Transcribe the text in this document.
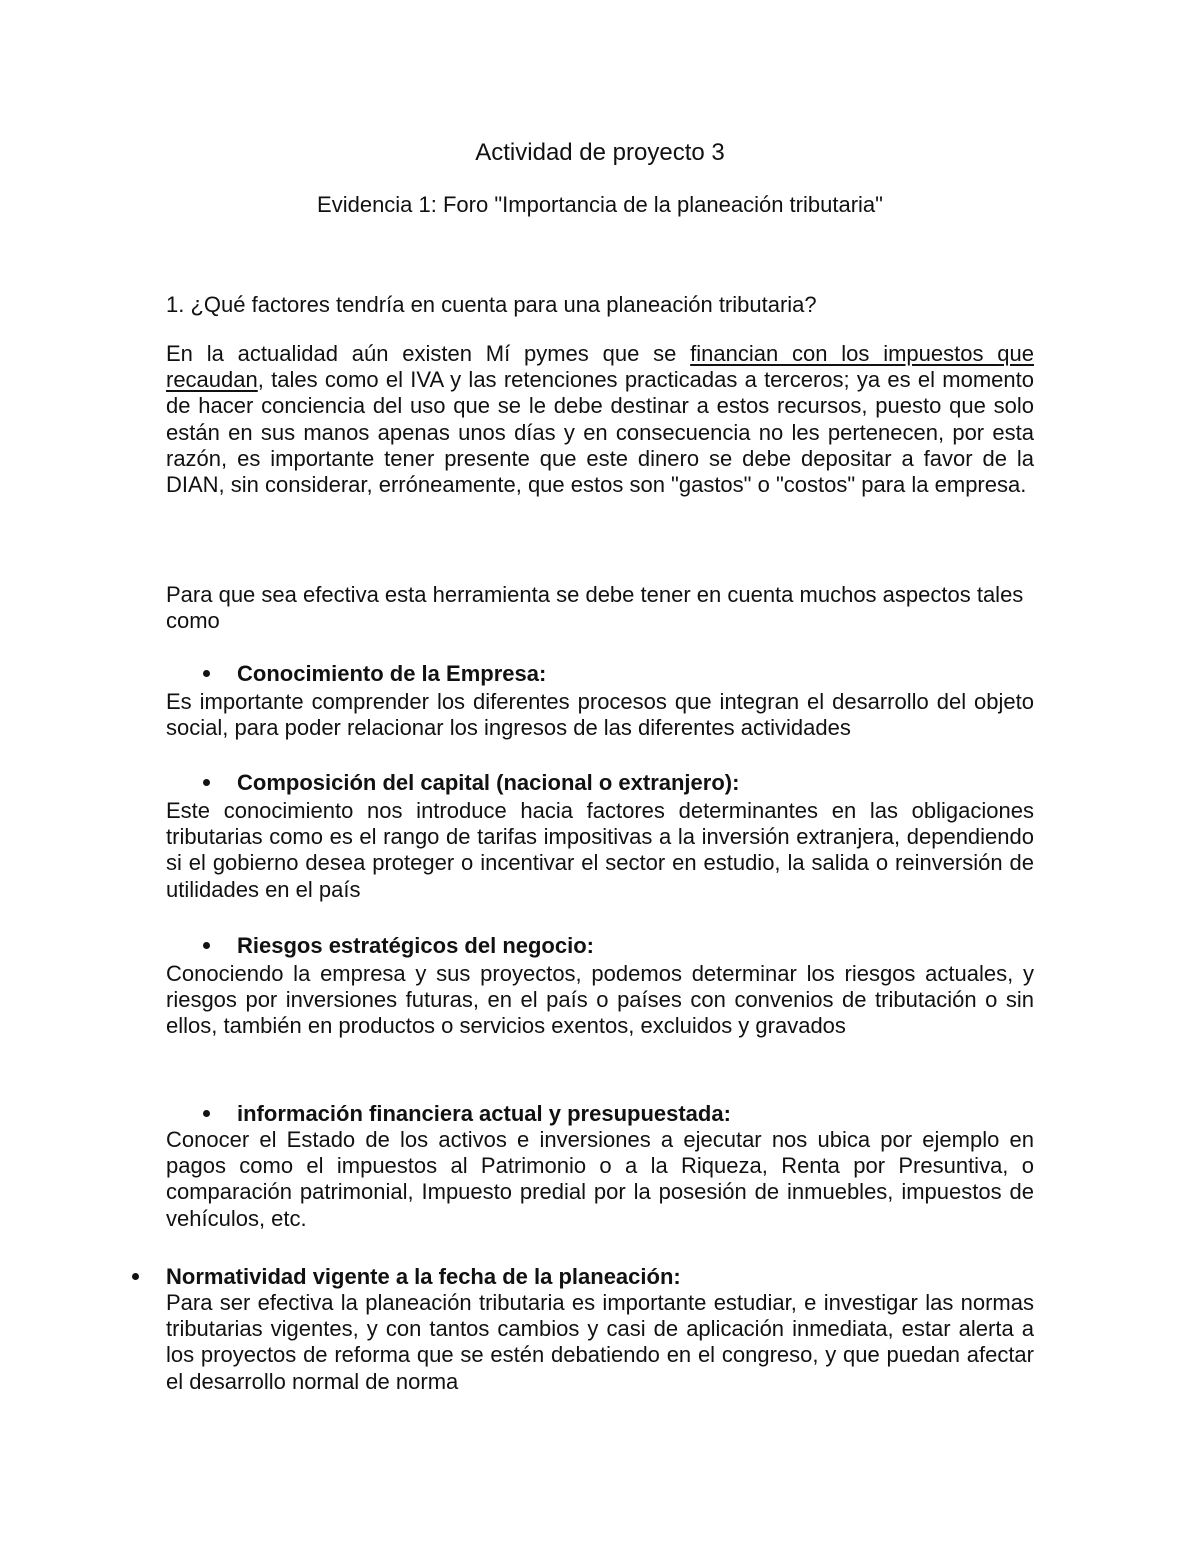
Actividad de proyecto 3
Evidencia 1: Foro "Importancia de la planeación tributaria"
1. ¿Qué factores tendría en cuenta para una planeación tributaria?
En la actualidad aún existen Mí pymes que se financian con los impuestos que recaudan, tales como el IVA y las retenciones practicadas a terceros; ya es el momento de hacer conciencia del uso que se le debe destinar a estos recursos, puesto que solo están en sus manos apenas unos días y en consecuencia no les pertenecen, por esta razón, es importante tener presente que este dinero se debe depositar a favor de la DIAN, sin considerar, erróneamente, que estos son "gastos" o "costos" para la empresa.
Para que sea efectiva esta herramienta se debe tener en cuenta muchos aspectos tales como
Conocimiento de la Empresa:
Es importante comprender los diferentes procesos que integran el desarrollo del objeto social, para poder relacionar los ingresos de las diferentes actividades
Composición del capital (nacional o extranjero):
Este conocimiento nos introduce hacia factores determinantes en las obligaciones tributarias como es el rango de tarifas impositivas a la inversión extranjera, dependiendo si el gobierno desea proteger o incentivar el sector en estudio, la salida o reinversión de utilidades en el país
Riesgos estratégicos del negocio:
Conociendo la empresa y sus proyectos, podemos determinar los riesgos actuales, y riesgos por inversiones futuras, en el país o países con convenios de tributación o sin ellos, también en productos o servicios exentos, excluidos y gravados
información financiera actual y presupuestada:
Conocer el Estado de los activos e inversiones a ejecutar nos ubica por ejemplo en pagos como el impuestos al Patrimonio o a la Riqueza, Renta por Presuntiva, o comparación patrimonial, Impuesto predial por la posesión de inmuebles, impuestos de vehículos, etc.
Normatividad vigente a la fecha de la planeación:
Para ser efectiva la planeación tributaria es importante estudiar, e investigar las normas tributarias vigentes, y con tantos cambios y casi de aplicación inmediata, estar alerta a los proyectos de reforma que se estén debatiendo en el congreso, y que puedan afectar el desarrollo normal de norma
